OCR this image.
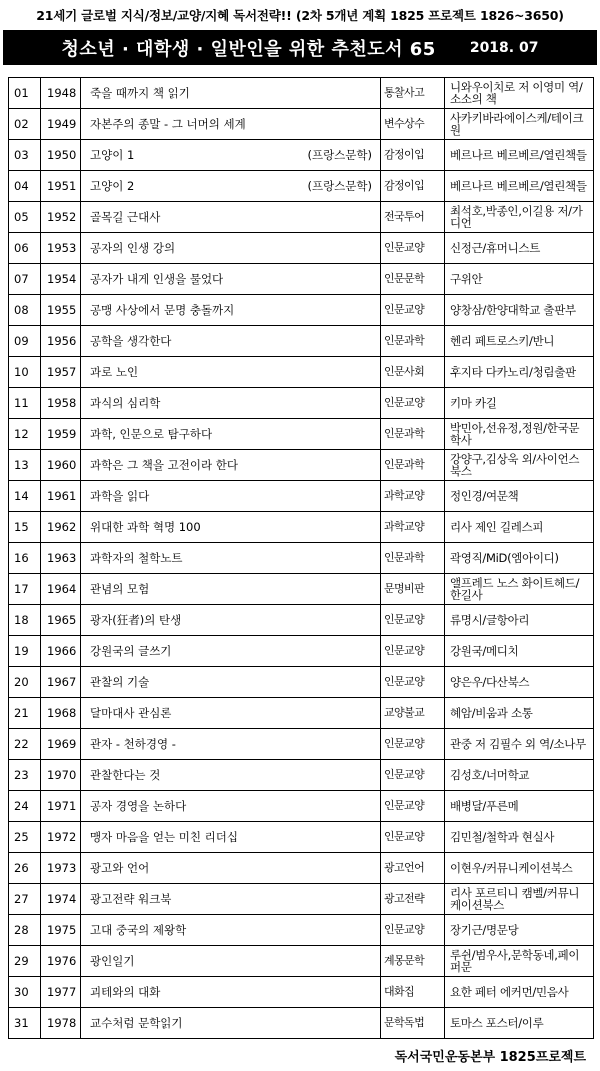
21세기 글로벌 지식/정보/교양/지혜 독서전략!! (2차 5개년 계획 1825 프로젝트 1826~3650)
청소년 · 대학생 · 일반인을 위한 추천도서 65 2018. 07
01	1948	죽을 때까지 책 읽기	통찰사고	니와우이치로 저 이영미 역/소소의 책
02	1949	자본주의 종말 - 그 너머의 세계	변수상수	사카키바라에이스케/테이크원
03	1950	고양이 1 (프랑스문학)	감정이입	베르나르 베르베르/열린책들
04	1951	고양이 2 (프랑스문학)	감정이입	베르나르 베르베르/열린책들
05	1952	골목길 근대사	전국투어	최석호,박종인,이길용 저/가디언
06	1953	공자의 인생 강의	인문교양	신정근/휴머니스트
07	1954	공자가 내게 인생을 물었다	인문문학	구위안
08	1955	공맹 사상에서 문명 충돌까지	인문교양	양창삼/한양대학교 출판부
09	1956	공학을 생각한다	인문과학	헨리 페트로스키/반니
10	1957	과로 노인	인문사회	후지타 다카노리/청림출판
11	1958	과식의 심리학	인문교양	키마 카길
12	1959	과학, 인문으로 탐구하다	인문과학	박민아,선유정,정원/한국문학사
13	1960	과학은 그 책을 고전이라 한다	인문과학	강양구,김상욱 외/사이언스북스
14	1961	과학을 읽다	과학교양	정인경/여문책
15	1962	위대한 과학 혁명 100	과학교양	리사 제인 길레스피
16	1963	과학자의 철학노트	인문과학	곽영직/MiD(엠아이디)
17	1964	관념의 모험	문명비판	앨프레드 노스 화이트헤드/한길사
18	1965	광자(狂者)의 탄생	인문교양	류명시/글항아리
19	1966	강원국의 글쓰기	인문교양	강원국/메디치
20	1967	관찰의 기술	인문교양	양은우/다산북스
21	1968	달마대사 관심론	교양불교	혜암/비움과 소통
22	1969	관자 - 천하경영 -	인문교양	관중 저 김필수 외 역/소나무
23	1970	관찰한다는 것	인문교양	김성호/너머학교
24	1971	공자 경영을 논하다	인문교양	배병달/푸른메
25	1972	맹자 마음을 얻는 미친 리더십	인문교양	김민철/철학과 현실사
26	1973	광고와 언어	광고언어	이현우/커뮤니케이션북스
27	1974	광고전략 워크북	광고전략	리사 포르티니 캠벨/커뮤니케이션북스
28	1975	고대 중국의 제왕학	인문교양	장기근/명문당
29	1976	광인일기	계몽문학	루쉰/범우사,문학동네,페이퍼문
30	1977	괴테와의 대화	대화집	요한 페터 에커먼/민음사
31	1978	교수처럼 문학읽기	문학독법	토마스 포스터/이루
독서국민운동본부 1825프로젝트
